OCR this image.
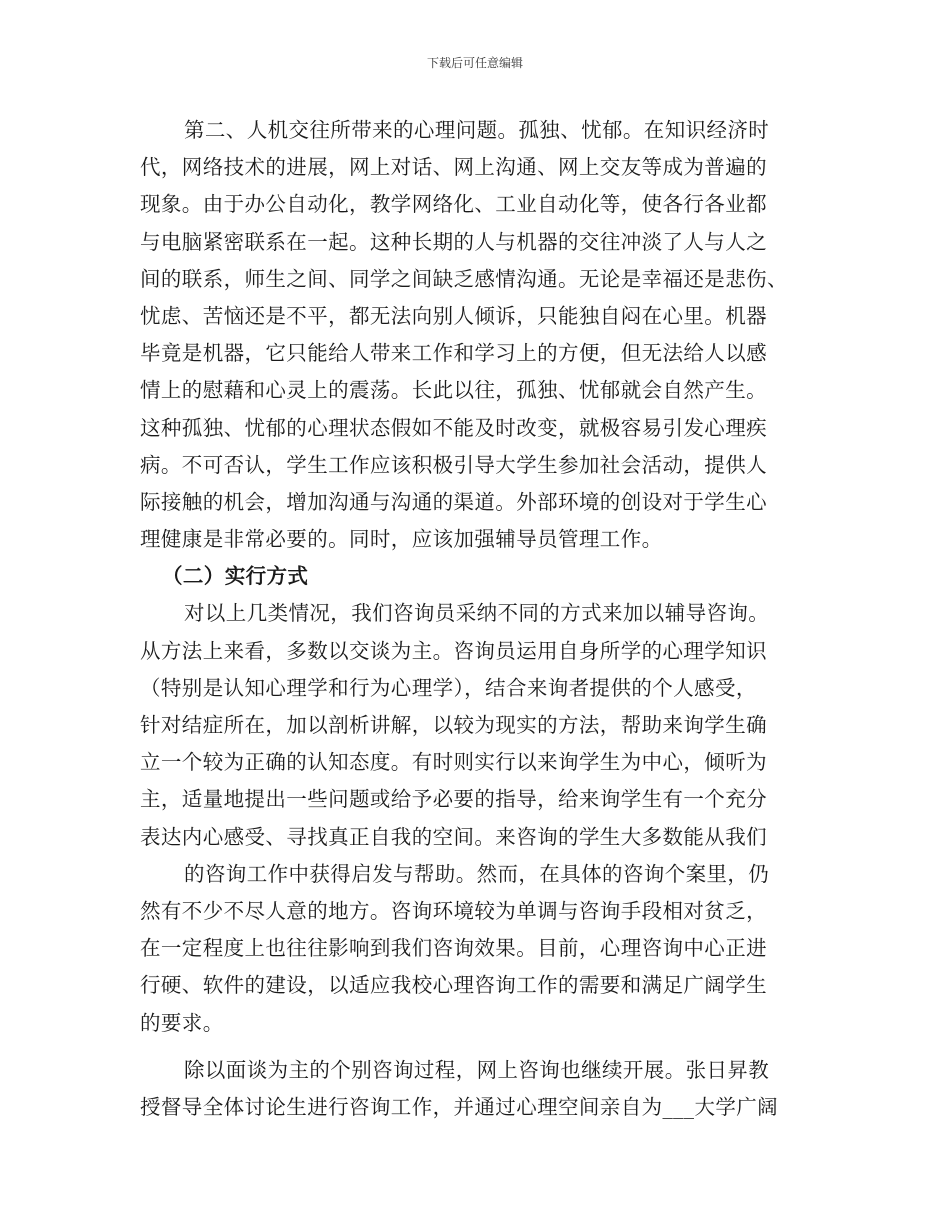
下载后可任意编辑
第二、人机交往所带来的心理问题。孤独、忧郁。在知识经济时
代，网络技术的进展，网上对话、网上沟通、网上交友等成为普遍的
现象。由于办公自动化，教学网络化、工业自动化等，使各行各业都
与电脑紧密联系在一起。这种长期的人与机器的交往冲淡了人与人之
间的联系，师生之间、同学之间缺乏感情沟通。无论是幸福还是悲伤、
忧虑、苦恼还是不平，都无法向别人倾诉，只能独自闷在心里。机器
毕竟是机器，它只能给人带来工作和学习上的方便，但无法给人以感
情上的慰藉和心灵上的震荡。长此以往，孤独、忧郁就会自然产生。
这种孤独、忧郁的心理状态假如不能及时改变，就极容易引发心理疾
病。不可否认，学生工作应该积极引导大学生参加社会活动，提供人
际接触的机会，增加沟通与沟通的渠道。外部环境的创设对于学生心
理健康是非常必要的。同时，应该加强辅导员管理工作。
（二）实行方式
对以上几类情况，我们咨询员采纳不同的方式来加以辅导咨询。
从方法上来看，多数以交谈为主。咨询员运用自身所学的心理学知识
（特别是认知心理学和行为心理学），结合来询者提供的个人感受，
针对结症所在，加以剖析讲解，以较为现实的方法，帮助来询学生确
立一个较为正确的认知态度。有时则实行以来询学生为中心，倾听为
主，适量地提出一些问题或给予必要的指导，给来询学生有一个充分
表达内心感受、寻找真正自我的空间。来咨询的学生大多数能从我们
的咨询工作中获得启发与帮助。然而，在具体的咨询个案里，仍
然有不少不尽人意的地方。咨询环境较为单调与咨询手段相对贫乏，
在一定程度上也往往影响到我们咨询效果。目前，心理咨询中心正进
行硬、软件的建设，以适应我校心理咨询工作的需要和满足广阔学生
的要求。
除以面谈为主的个别咨询过程，网上咨询也继续开展。张日昇教
授督导全体讨论生进行咨询工作，并通过心理空间亲自为___大学广阔
